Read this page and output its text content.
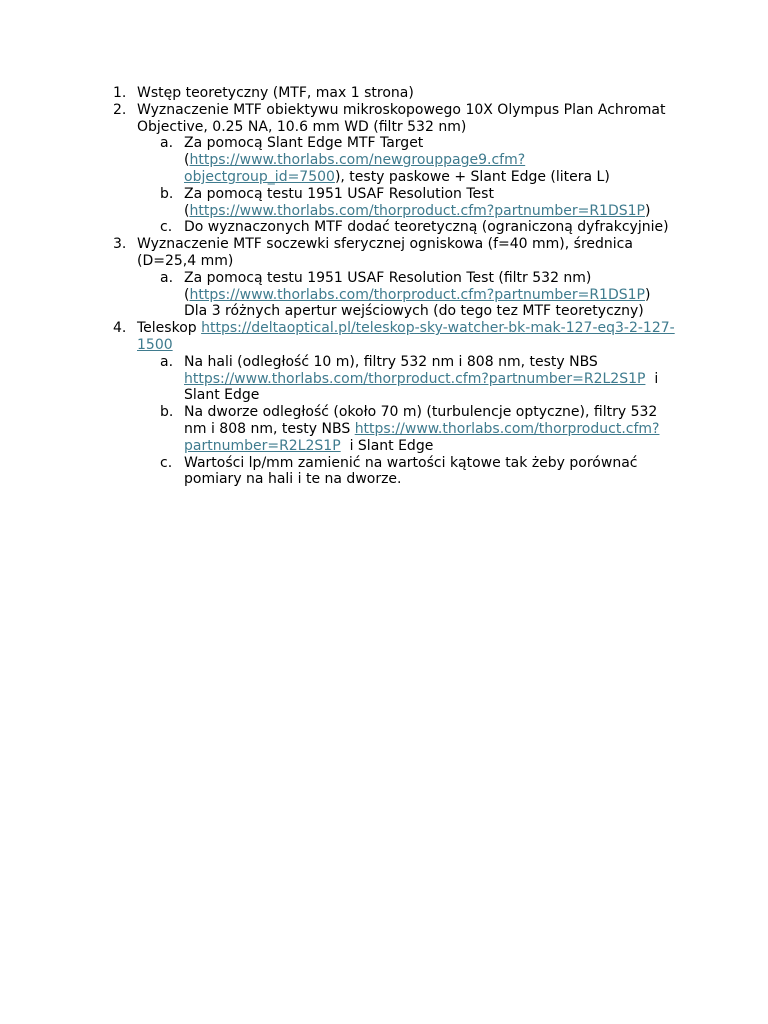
1. Wstęp teoretyczny (MTF, max 1 strona)
2. Wyznaczenie MTF obiektywu mikroskopowego 10X Olympus Plan Achromat Objective, 0.25 NA, 10.6 mm WD (filtr 532 nm)
a. Za pomocą Slant Edge MTF Target
(https://www.thorlabs.com/newgrouppage9.cfm?objectgroup_id=7500), testy paskowe + Slant Edge (litera L)
b. Za pomocą testu 1951 USAF Resolution Test
(https://www.thorlabs.com/thorproduct.cfm?partnumber=R1DS1P)
c. Do wyznaczonych MTF dodać teoretyczną (ograniczoną dyfrakcyjnie)
3. Wyznaczenie MTF soczewki sferycznej ogniskowa (f=40 mm), średnica (D=25,4 mm)
a. Za pomocą testu 1951 USAF Resolution Test (filtr 532 nm)
(https://www.thorlabs.com/thorproduct.cfm?partnumber=R1DS1P)
Dla 3 różnych apertur wejściowych (do tego tez MTF teoretyczny)
4. Teleskop https://deltaoptical.pl/teleskop-sky-watcher-bk-mak-127-eq3-2-127-1500
a. Na hali (odległość 10 m), filtry 532 nm i 808 nm, testy NBS
https://www.thorlabs.com/thorproduct.cfm?partnumber=R2L2S1P  i Slant Edge
b. Na dworze odległość (około 70 m) (turbulencje optyczne), filtry 532 nm i 808 nm, testy NBS https://www.thorlabs.com/thorproduct.cfm?partnumber=R2L2S1P  i Slant Edge
c. Wartości lp/mm zamienić na wartości kątowe tak żeby porównać pomiary na hali i te na dworze.
